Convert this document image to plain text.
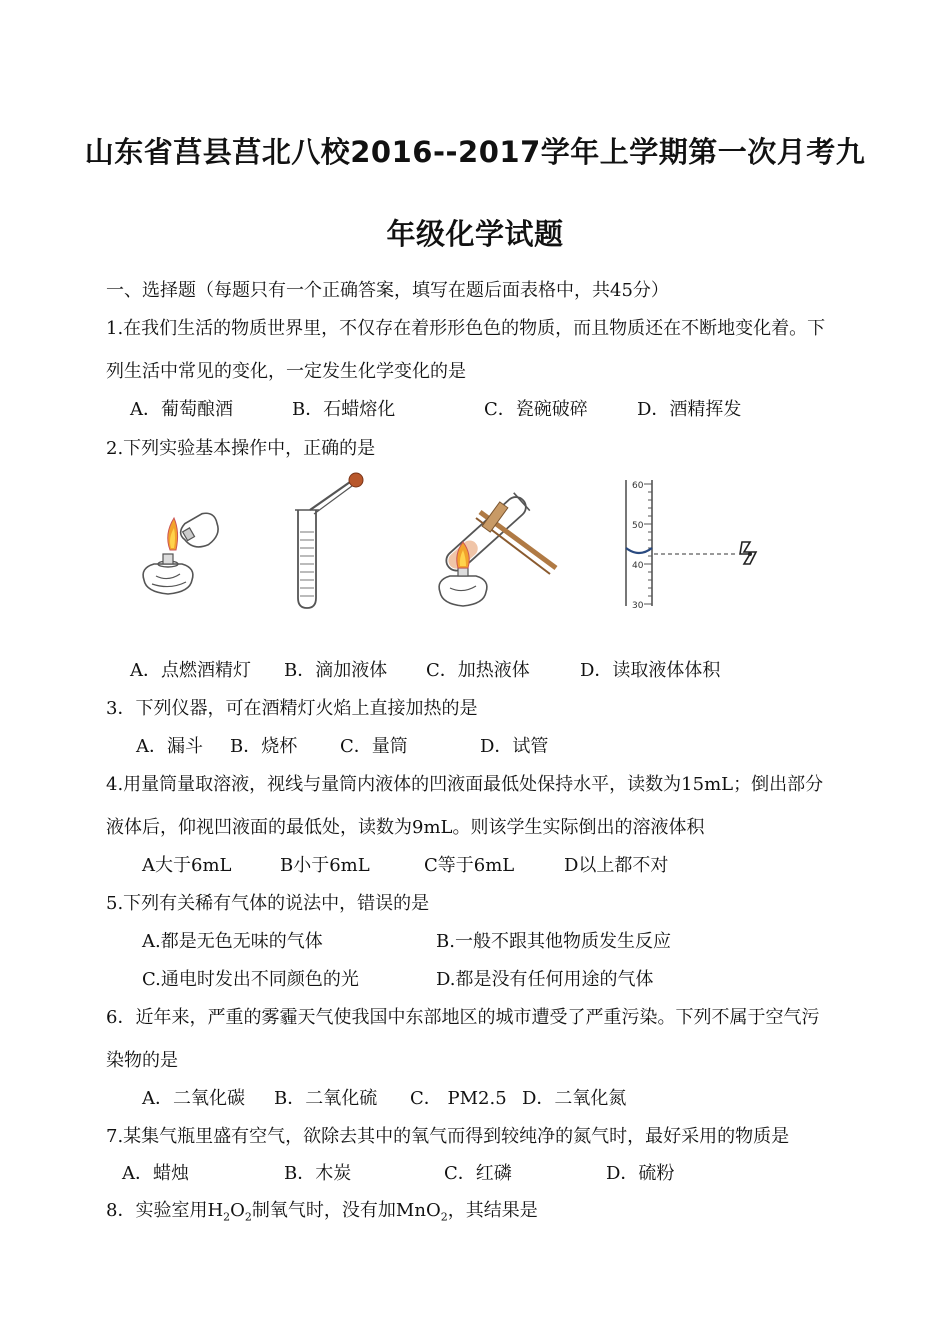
山东省莒县莒北八校2016--2017学年上学期第一次月考九
年级化学试题
一、选择题（每题只有一个正确答案，填写在题后面表格中，共45分）
1.在我们生活的物质世界里，不仅存在着形形色色的物质，而且物质还在不断地变化着。下
列生活中常见的变化，一定发生化学变化的是
A．葡萄酿酒	B．石蜡熔化	C．瓷碗破碎	D．酒精挥发
2.下列实验基本操作中，正确的是
60
50
40
30
A．点燃酒精灯 B．滴加液体 C．加热液体	D．读取液体体积
3．下列仪器，可在酒精灯火焰上直接加热的是
A．漏斗 B．烧杯 C．量筒	D．试管
4.用量筒量取溶液，视线与量筒内液体的凹液面最低处保持水平，读数为15mL；倒出部分
液体后，仰视凹液面的最低处，读数为9mL。则该学生实际倒出的溶液体积
A大于6mL	B小于6mL	C等于6mL	D以上都不对
5.下列有关稀有气体的说法中，错误的是
A.都是无色无味的气体	B.一般不跟其他物质发生反应
C.通电时发出不同颜色的光	D.都是没有任何用途的气体
6．近年来，严重的雾霾天气使我国中东部地区的城市遭受了严重污染。下列不属于空气污
染物的是
A．二氧化碳 B．二氧化硫 C． PM2.5 D．二氧化氮
7.某集气瓶里盛有空气，欲除去其中的氧气而得到较纯净的氮气时，最好采用的物质是
A．蜡烛	B．木炭	C．红磷	D．硫粉
8．实验室用$H_2O_2$制氧气时，没有加MnO$_2$，其结果是
